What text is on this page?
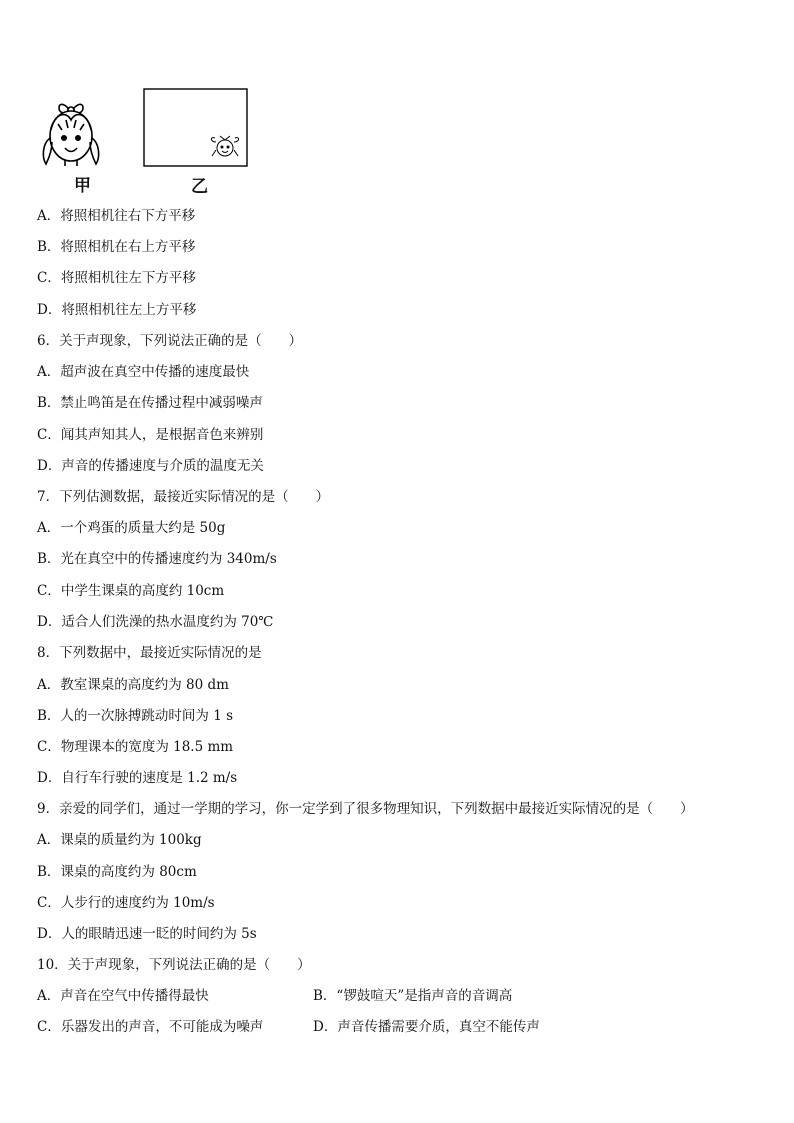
甲	乙
A．将照相机往右下方平移
B．将照相机在右上方平移
C．将照相机往左下方平移
D．将照相机往左上方平移
6．关于声现象，下列说法正确的是（　　）
A．超声波在真空中传播的速度最快
B．禁止鸣笛是在传播过程中减弱噪声
C．闻其声知其人，是根据音色来辨别
D．声音的传播速度与介质的温度无关
7．下列估测数据，最接近实际情况的是（　　）
A．一个鸡蛋的质量大约是 50g
B．光在真空中的传播速度约为 340m/s
C．中学生课桌的高度约 10cm
D．适合人们洗澡的热水温度约为 70℃
8．下列数据中，最接近实际情况的是
A．教室课桌的高度约为 80 dm
B．人的一次脉搏跳动时间为 1 s
C．物理课本的宽度为 18.5 mm
D．自行车行驶的速度是 1.2 m/s
9．亲爱的同学们，通过一学期的学习，你一定学到了很多物理知识，下列数据中最接近实际情况的是（　　）
A．课桌的质量约为 100kg
B．课桌的高度约为 80cm
C．人步行的速度约为 10m/s
D．人的眼睛迅速一眨的时间约为 5s
10．关于声现象，下列说法正确的是（　　）
A．声音在空气中传播得最快	B．“锣鼓喧天”是指声音的音调高
C．乐器发出的声音，不可能成为噪声	D．声音传播需要介质，真空不能传声
